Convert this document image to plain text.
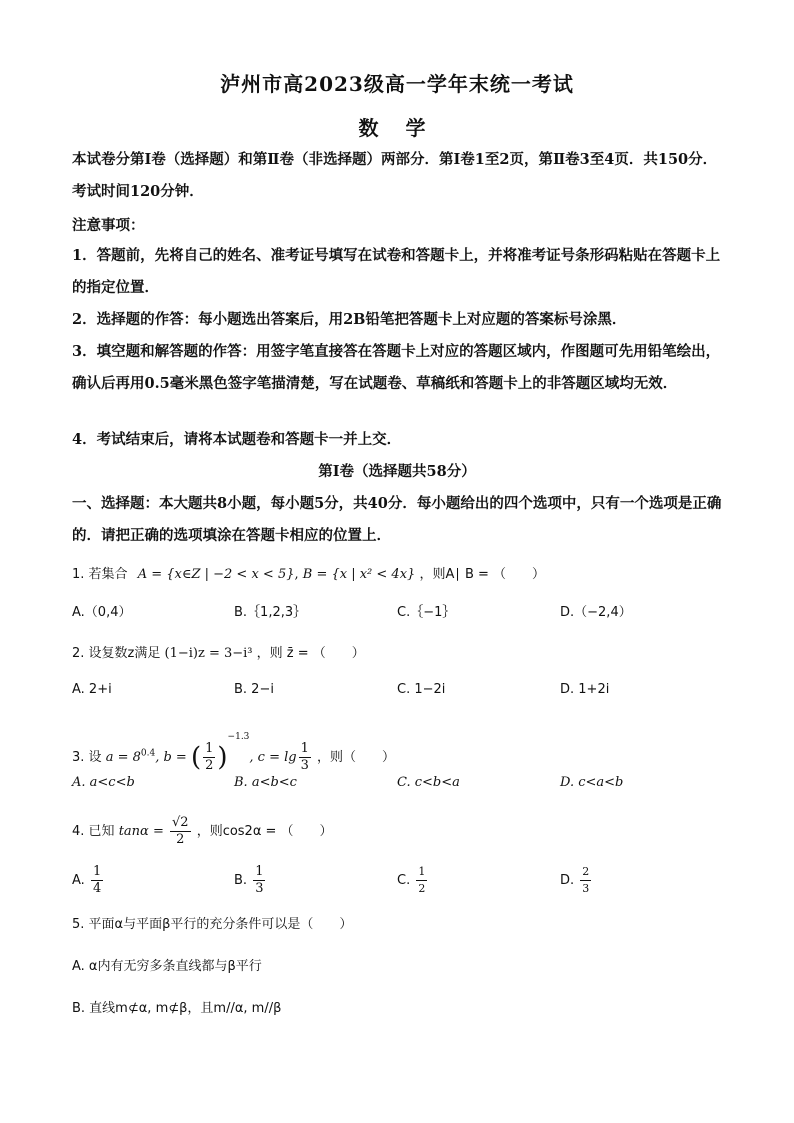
泸州市高2023级高一学年末统一考试
数 学
本试卷分第Ⅰ卷（选择题）和第Ⅱ卷（非选择题）两部分．第Ⅰ卷1至2页，第Ⅱ卷3至4页．共150分．考试时间120分钟．
注意事项：
1．答题前，先将自己的姓名、准考证号填写在试卷和答题卡上，并将准考证号条形码粘贴在答题卡上的指定位置．
2．选择题的作答：每小题选出答案后，用2B铅笔把答题卡上对应题的答案标号涂黑．
3．填空题和解答题的作答：用签字笔直接答在答题卡上对应的答题区域内，作图题可先用铅笔绘出，确认后再用0.5毫米黑色签字笔描清楚，写在试题卷、草稿纸和答题卡上的非答题区域均无效．
4．考试结束后，请将本试题卷和答题卡一并上交．
第Ⅰ卷（选择题共58分）
一、选择题：本大题共8小题，每小题5分，共40分．每小题给出的四个选项中，只有一个选项是正确的．请把正确的选项填涂在答题卡相应的位置上．
1. 若集合 A = {x∈Z | −2 < x < 5}, B = {x | x² < 4x} ，则A∣ B = （　　）
A.（0,4）	B.｛1,2,3｝	C.｛−1｝	D.（−2,4）
2. 设复数z满足 (1−i)z = 3−i³ ，则 z̄ = （　　）
A. 2+i	B. 2−i	C. 1−2i	D. 1+2i
3. 设 $a = 8^{0.4}$, b = ( $\frac{1}{2} )^{-1.3}$, $c = \lg \frac{1}{3}$ ，则（　　）
A. a<c<b	B. a<b<c	C. c<b<a	D. c<a<b
4. 已知 $\tan\alpha = \frac{√2}{2}$ ，则cos2α = （　　）
A. $\frac{1}{4}$	B. $\frac{1}{3}$	C. $\frac{1}{2}$	D. $\frac{2}{3}$
5. 平面α与平面β平行的充分条件可以是（　　）
A. α内有无穷多条直线都与β平行
B. 直线m⊄α, m⊄β，且m//α, m//β
